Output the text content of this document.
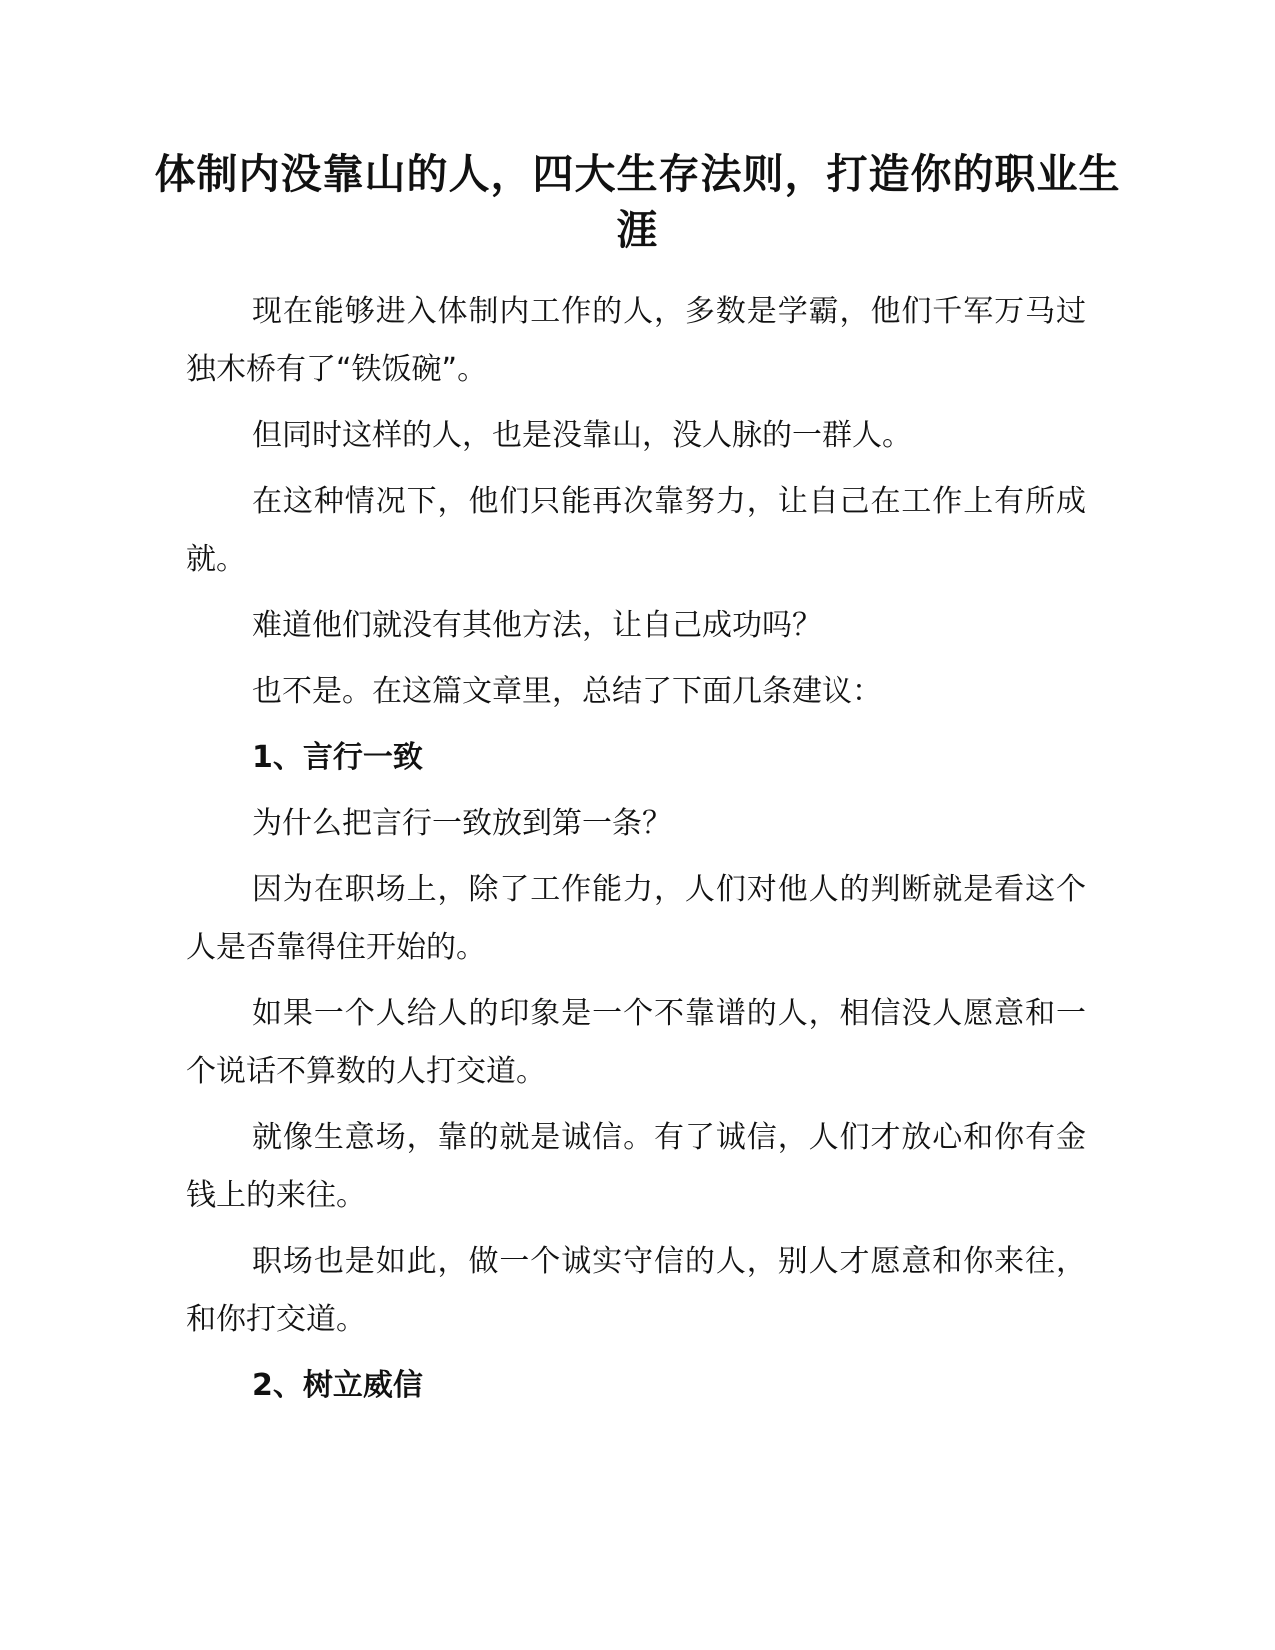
体制内没靠山的人，四大生存法则，打造你的职业生涯

现在能够进入体制内工作的人，多数是学霸，他们千军万马过独木桥有了“铁饭碗”。

但同时这样的人，也是没靠山，没人脉的一群人。

在这种情况下，他们只能再次靠努力，让自己在工作上有所成就。

难道他们就没有其他方法，让自己成功吗？

也不是。在这篇文章里，总结了下面几条建议：

1、言行一致

为什么把言行一致放到第一条？

因为在职场上，除了工作能力，人们对他人的判断就是看这个人是否靠得住开始的。

如果一个人给人的印象是一个不靠谱的人，相信没人愿意和一个说话不算数的人打交道。

就像生意场，靠的就是诚信。有了诚信，人们才放心和你有金钱上的来往。

职场也是如此，做一个诚实守信的人，别人才愿意和你来往，和你打交道。

2、树立威信
